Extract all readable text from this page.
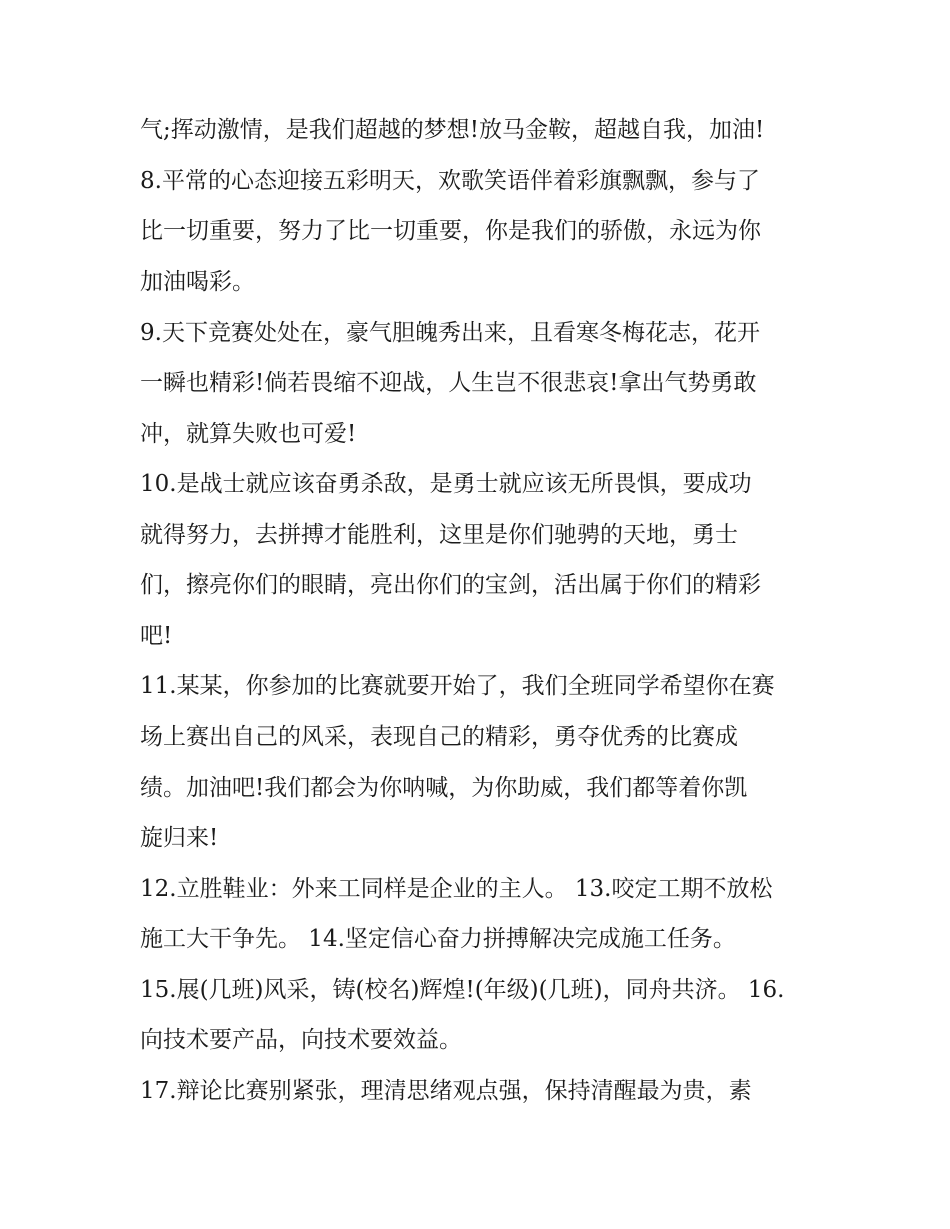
气;挥动激情，是我们超越的梦想!放马金鞍，超越自我，加油!
8.平常的心态迎接五彩明天，欢歌笑语伴着彩旗飘飘，参与了
比一切重要，努力了比一切重要，你是我们的骄傲，永远为你
加油喝彩。
9.天下竞赛处处在，豪气胆魄秀出来，且看寒冬梅花志，花开
一瞬也精彩!倘若畏缩不迎战，人生岂不很悲哀!拿出气势勇敢
冲，就算失败也可爱!
10.是战士就应该奋勇杀敌，是勇士就应该无所畏惧，要成功
就得努力，去拼搏才能胜利，这里是你们驰骋的天地，勇士
们，擦亮你们的眼睛，亮出你们的宝剑，活出属于你们的精彩
吧!
11.某某，你参加的比赛就要开始了，我们全班同学希望你在赛
场上赛出自己的风采，表现自己的精彩，勇夺优秀的比赛成
绩。加油吧!我们都会为你呐喊，为你助威，我们都等着你凯
旋归来!
12.立胜鞋业：外来工同样是企业的主人。 13.咬定工期不放松
施工大干争先。 14.坚定信心奋力拼搏解决完成施工任务。
15.展(几班)风采，铸(校名)辉煌!(年级)(几班)，同舟共济。 16.
向技术要产品，向技术要效益。
17.辩论比赛别紧张，理清思绪观点强，保持清醒最为贵，素
